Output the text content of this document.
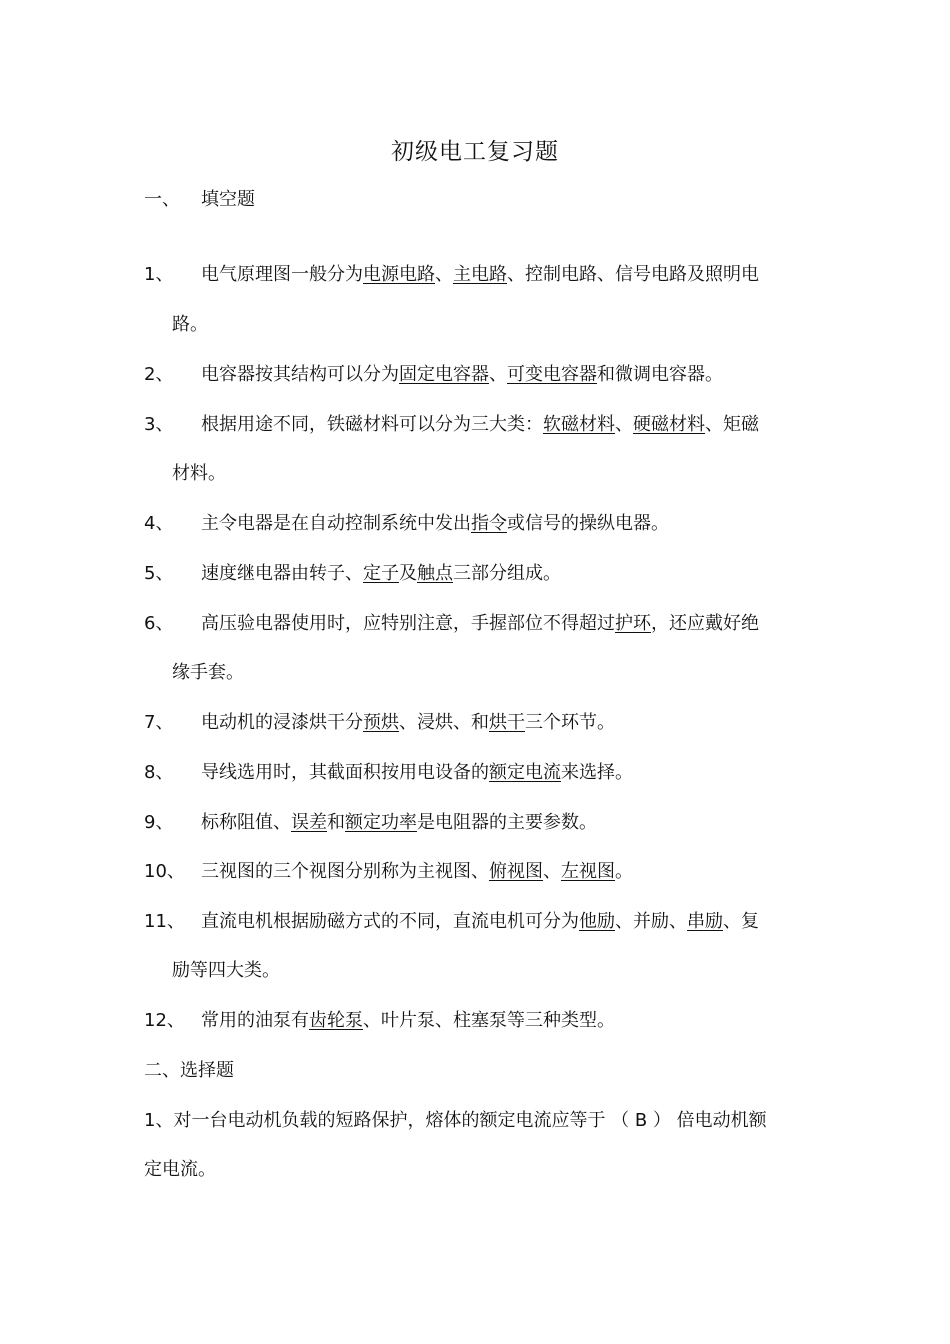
初级电工复习题
一、 填空题
1、 电气原理图一般分为电源电路、主电路、控制电路、信号电路及照明电
路。
2、 电容器按其结构可以分为固定电容器、可变电容器和微调电容器。
3、 根据用途不同，铁磁材料可以分为三大类：软磁材料、硬磁材料、矩磁
材料。
4、 主令电器是在自动控制系统中发出指令或信号的操纵电器。
5、 速度继电器由转子、定子及触点三部分组成。
6、 高压验电器使用时，应特别注意，手握部位不得超过护环，还应戴好绝
缘手套。
7、 电动机的浸漆烘干分预烘、浸烘、和烘干三个环节。
8、 导线选用时，其截面积按用电设备的额定电流来选择。
9、 标称阻值、误差和额定功率是电阻器的主要参数。
10、 三视图的三个视图分别称为主视图、俯视图、左视图。
11、 直流电机根据励磁方式的不同，直流电机可分为他励、并励、串励、复
励等四大类。
12、 常用的油泵有齿轮泵、叶片泵、柱塞泵等三种类型。
二、选择题
1、对一台电动机负载的短路保护，熔体的额定电流应等于 （ B ） 倍电动机额
定电流。
